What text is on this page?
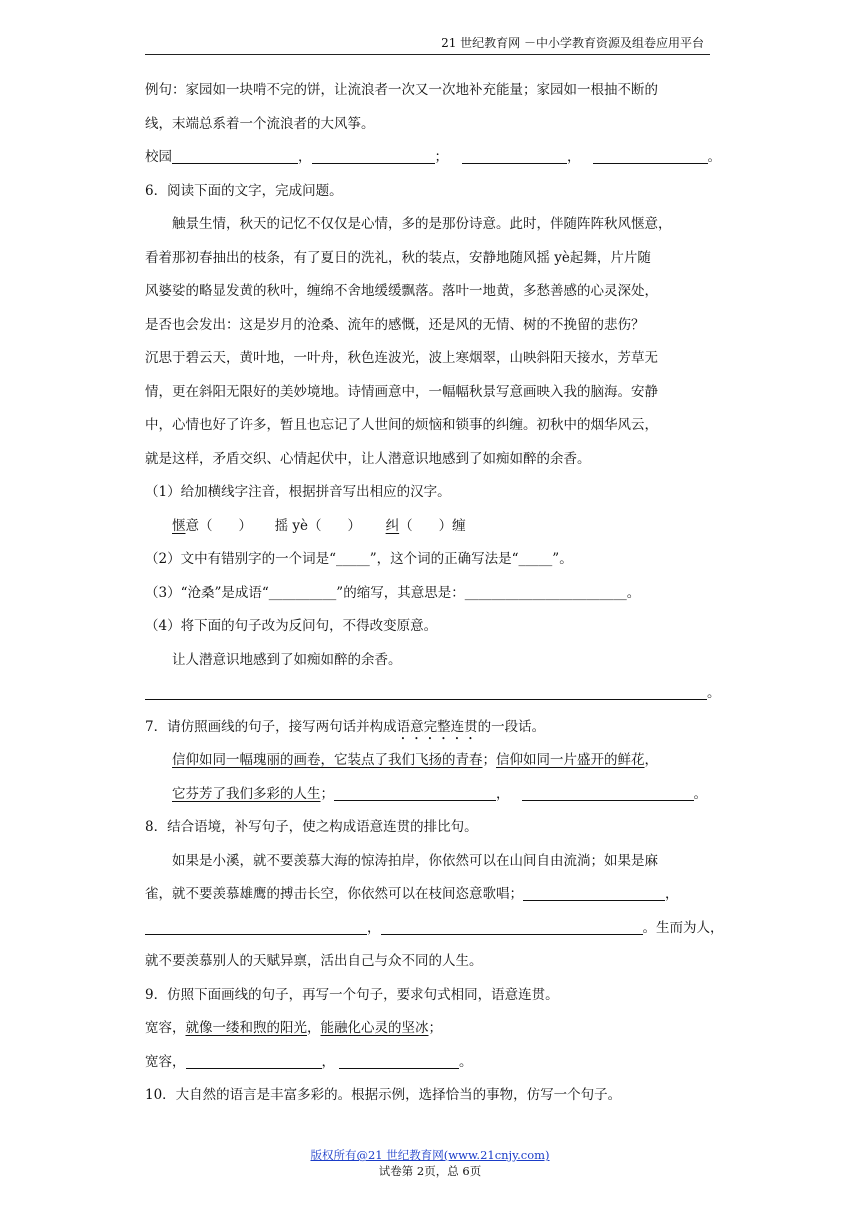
21 世纪教育网 －中小学教育资源及组卷应用平台
例句：家园如一块啃不完的饼，让流浪者一次又一次地补充能量；家园如一根抽不断的
线，末端总系着一个流浪者的大风筝。
校园	，	；	，	。
6．阅读下面的文字，完成问题。
触景生情，秋天的记忆不仅仅是心情，多的是那份诗意。此时，伴随阵阵秋风惬意，
看着那初春抽出的枝条，有了夏日的洗礼，秋的装点，安静地随风摇 yè起舞，片片随
风婆娑的略显发黄的秋叶，缠绵不舍地缓缓飘落。落叶一地黄，多愁善感的心灵深处，
是否也会发出：这是岁月的沧桑、流年的感慨，还是风的无情、树的不挽留的悲伤？
沉思于碧云天，黄叶地，一叶舟，秋色连波光，波上寒烟翠，山映斜阳天接水，芳草无
情，更在斜阳无限好的美妙境地。诗情画意中，一幅幅秋景写意画映入我的脑海。安静
中，心情也好了许多，暂且也忘记了人世间的烦恼和锁事的纠缠。初秋中的烟华风云，
就是这样，矛盾交织、心情起伏中，让人潜意识地感到了如痴如醉的余香。
（1）给加横线字注音，根据拼音写出相应的汉字。
惬意（ ） 摇 yè（ ） 纠（ ）缠
（2）文中有错别字的一个词是“_____”，这个词的正确写法是“_____”。
（3）“沧桑”是成语“__________”的缩写，其意思是：________________________。
（4）将下面的句子改为反问句，不得改变原意。
让人潜意识地感到了如痴如醉的余香。
。
7．请仿照画线的句子，接写两句话并构成语意完整连贯的一段话。
信仰如同一幅瑰丽的画卷，它装点了我们飞扬的青春；信仰如同一片盛开的鲜花，
它芬芳了我们多彩的人生；	，	。
8．结合语境，补写句子，使之构成语意连贯的排比句。
如果是小溪，就不要羡慕大海的惊涛拍岸，你依然可以在山间自由流淌；如果是麻
雀，就不要羡慕雄鹰的搏击长空，你依然可以在枝间恣意歌唱；	，
，	。生而为人，
就不要羡慕别人的天赋异禀，活出自己与众不同的人生。
9．仿照下面画线的句子，再写一个句子，要求句式相同，语意连贯。
宽容，就像一缕和煦的阳光，能融化心灵的坚冰；
宽容，	，	。
10．大自然的语言是丰富多彩的。根据示例，选择恰当的事物，仿写一个句子。
版权所有@21 世纪教育网(www.21cnjy.com)
试卷第 2页，总 6页
